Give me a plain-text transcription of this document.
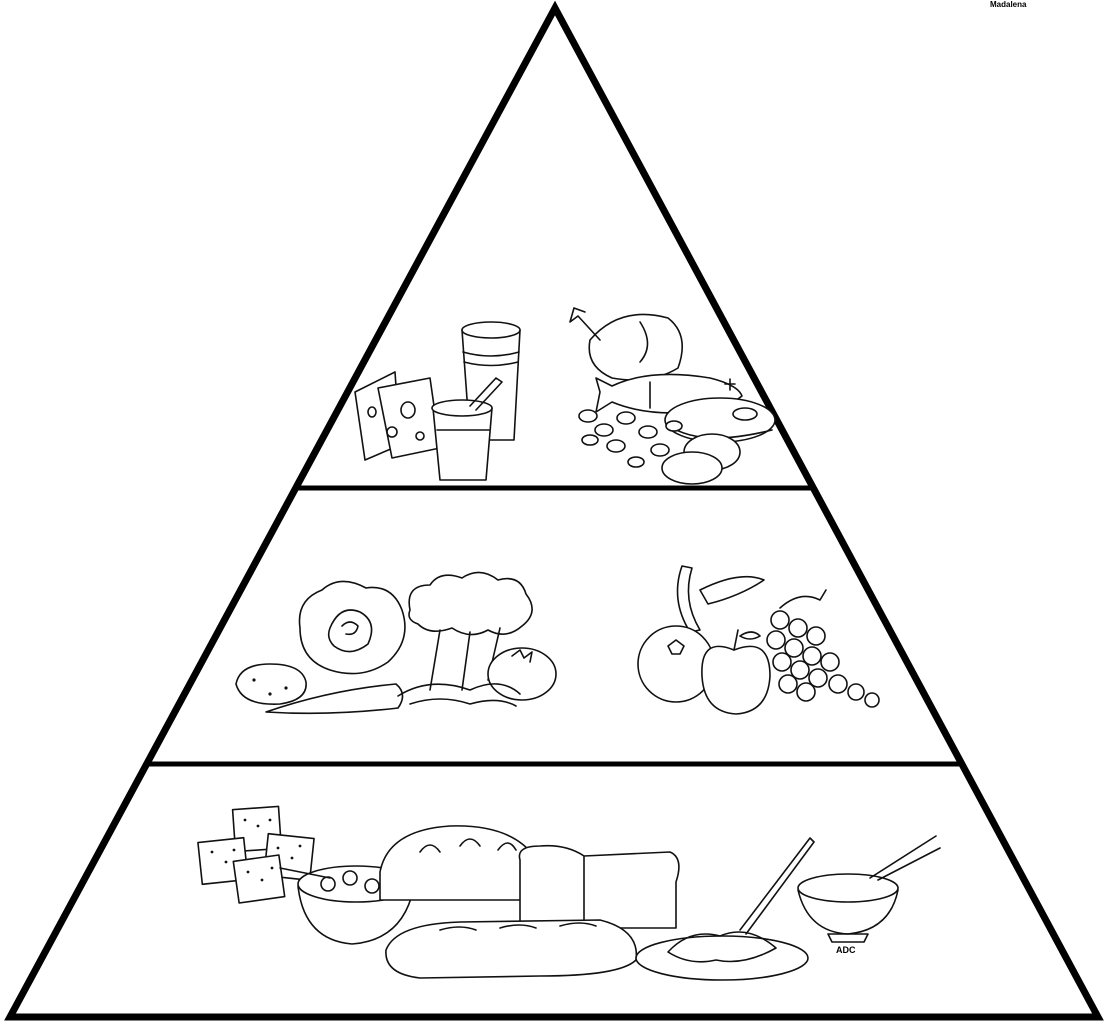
Madalena
ADC
